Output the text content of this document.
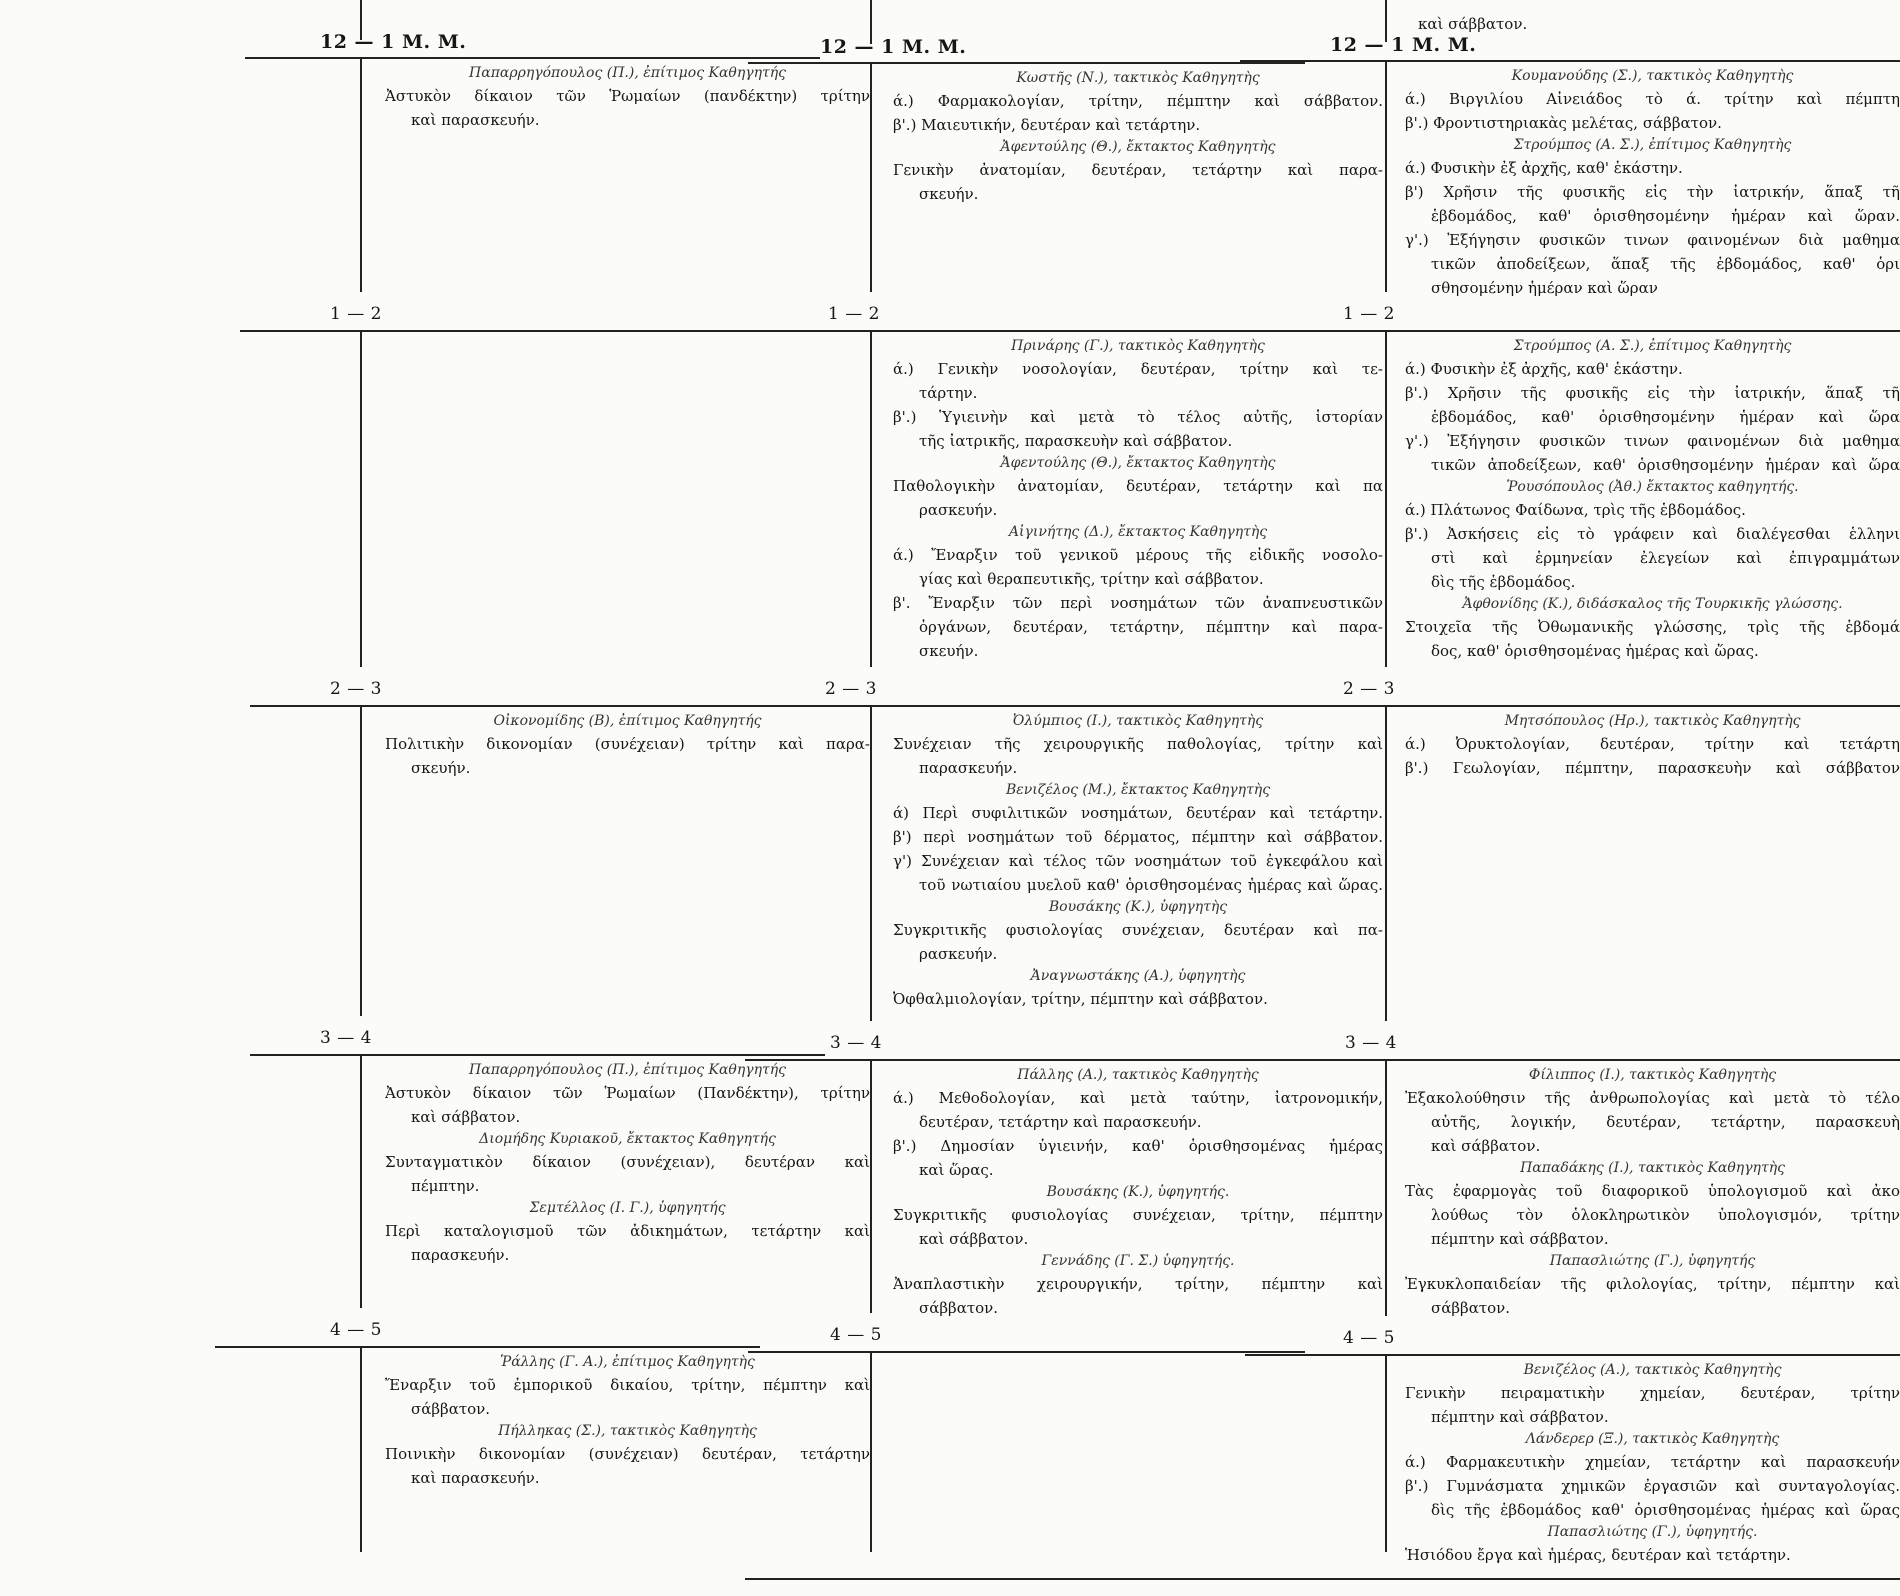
12 — 1 Μ. Μ.
Παπαρρηγόπουλος (Π.), ἐπίτιμος Καθηγητής
Ἀστυκὸν δίκαιον τῶν Ῥωμαίων (πανδέκτην) τρίτην
καὶ παρασκευήν.
1 — 2
2 — 3
Οἰκονομίδης (Β), ἐπίτιμος Καθηγητής
Πολιτικὴν δικονομίαν (συνέχειαν) τρίτην καὶ παρα-
σκευήν.
3 — 4
Παπαρρηγόπουλος (Π.), ἐπίτιμος Καθηγητής
Ἀστυκὸν δίκαιον τῶν Ῥωμαίων (Πανδέκτην), τρίτην
καὶ σάββατον.
Διομήδης Κυριακοῦ, ἔκτακτος Καθηγητής
Συνταγματικὸν δίκαιον (συνέχειαν), δευτέραν καὶ
πέμπτην.
Σεμτέλλος (Ι. Γ.), ὑφηγητής
Περὶ καταλογισμοῦ τῶν ἀδικημάτων, τετάρτην καὶ
παρασκευήν.
4 — 5
Ῥάλλης (Γ. Α.), ἐπίτιμος Καθηγητὴς
Ἔναρξιν τοῦ ἐμπορικοῦ δικαίου, τρίτην, πέμπτην καὶ
σάββατον.
Πήλληκας (Σ.), τακτικὸς Καθηγητὴς
Ποινικὴν δικονομίαν (συνέχειαν) δευτέραν, τετάρτην
καὶ παρασκευήν.
12 — 1 Μ. Μ.
Κωστῆς (Ν.), τακτικὸς Καθηγητὴς
ά.) Φαρμακολογίαν, τρίτην, πέμπτην καὶ σάββατον.
β'.) Μαιευτικήν, δευτέραν καὶ τετάρτην.
Ἀφεντούλης (Θ.), ἔκτακτος Καθηγητὴς
Γενικὴν ἀνατομίαν, δευτέραν, τετάρτην καὶ παρα-
σκευήν.
1 — 2
Πρινάρης (Γ.), τακτικὸς Καθηγητὴς
ά.) Γενικὴν νοσολογίαν, δευτέραν, τρίτην καὶ τε-
τάρτην.
β'.) Ὑγιεινὴν καὶ μετὰ τὸ τέλος αὐτῆς, ἱστορίαν
τῆς ἰατρικῆς, παρασκευὴν καὶ σάββατον.
Ἀφεντούλης (Θ.), ἔκτακτος Καθηγητὴς
Παθολογικὴν ἀνατομίαν, δευτέραν, τετάρτην καὶ πα
ρασκευήν.
Αἰγινήτης (Δ.), ἔκτακτος Καθηγητὴς
ά.) Ἔναρξιν τοῦ γενικοῦ μέρους τῆς εἰδικῆς νοσολο-
γίας καὶ θεραπευτικῆς, τρίτην καὶ σάββατον.
β'. Ἔναρξιν τῶν περὶ νοσημάτων τῶν ἀναπνευστικῶν
ὀργάνων, δευτέραν, τετάρτην, πέμπτην καὶ παρα-
σκευήν.
2 — 3
Ὀλύμπιος (Ι.), τακτικὸς Καθηγητὴς
Συνέχειαν τῆς χειρουργικῆς παθολογίας, τρίτην καὶ
παρασκευήν.
Βενιζέλος (Μ.), ἔκτακτος Καθηγητὴς
ά) Περὶ συφιλιτικῶν νοσημάτων, δευτέραν καὶ τετάρτην.
β') περὶ νοσημάτων τοῦ δέρματος, πέμπτην καὶ σάββατον.
γ') Συνέχειαν καὶ τέλος τῶν νοσημάτων τοῦ ἐγκεφάλου καὶ
τοῦ νωτιαίου μυελοῦ καθ' ὁρισθησομένας ἡμέρας καὶ ὥρας.
Βουσάκης (Κ.), ὑφηγητὴς
Συγκριτικῆς φυσιολογίας συνέχειαν, δευτέραν καὶ πα-
ρασκευήν.
Ἀναγνωστάκης (Α.), ὑφηγητὴς
Ὀφθαλμιολογίαν, τρίτην, πέμπτην καὶ σάββατον.
3 — 4
Πάλλης (Α.), τακτικὸς Καθηγητὴς
ά.) Μεθοδολογίαν, καὶ μετὰ ταύτην, ἰατρονομικήν,
δευτέραν, τετάρτην καὶ παρασκευήν.
β'.) Δημοσίαν ὑγιεινήν, καθ' ὁρισθησομένας ἡμέρας
καὶ ὥρας.
Βουσάκης (Κ.), ὑφηγητής.
Συγκριτικῆς φυσιολογίας συνέχειαν, τρίτην, πέμπτην
καὶ σάββατον.
Γεννάδης (Γ. Σ.) ὑφηγητής.
Ἀναπλαστικὴν χειρουργικήν, τρίτην, πέμπτην καὶ
σάββατον.
4 — 5
καὶ σάββατον.
12 — 1 Μ. Μ.
Κουμανούδης (Σ.), τακτικὸς Καθηγητὴς
ά.) Βιργιλίου Αἰνειάδος τὸ ά. τρίτην καὶ πέμπτη
β'.) Φροντιστηριακὰς μελέτας, σάββατον.
Στρούμπος (Α. Σ.), ἐπίτιμος Καθηγητὴς
ά.) Φυσικὴν ἐξ ἀρχῆς, καθ' ἑκάστην.
β') Χρῆσιν τῆς φυσικῆς εἰς τὴν ἰατρικήν, ἅπαξ τῆ
ἑβδομάδος, καθ' ὁρισθησομένην ἡμέραν καὶ ὥραν.
γ'.) Ἐξήγησιν φυσικῶν τινων φαινομένων διὰ μαθημα
τικῶν ἀποδείξεων, ἅπαξ τῆς ἑβδομάδος, καθ' ὁρι
σθησομένην ἡμέραν καὶ ὥραν
1 — 2
Στρούμπος (Α. Σ.), ἐπίτιμος Καθηγητὴς
ά.) Φυσικὴν ἐξ ἀρχῆς, καθ' ἑκάστην.
β'.) Χρῆσιν τῆς φυσικῆς εἰς τὴν ἰατρικήν, ἅπαξ τῆ
ἑβδομάδος, καθ' ὁρισθησομένην ἡμέραν καὶ ὥρα
γ'.) Ἐξήγησιν φυσικῶν τινων φαινομένων διὰ μαθημα
τικῶν ἀποδείξεων, καθ' ὁρισθησομένην ἡμέραν καὶ ὥρα
Ῥουσόπουλος (Ἀθ.) ἔκτακτος καθηγητής.
ά.) Πλάτωνος Φαίδωνα, τρὶς τῆς ἑβδομάδος.
β'.) Ἀσκήσεις εἰς τὸ γράφειν καὶ διαλέγεσθαι ἑλληνι
στὶ καὶ ἑρμηνείαν ἐλεγείων καὶ ἐπιγραμμάτων
δὶς τῆς ἑβδομάδος.
Ἀφθονίδης (Κ.), διδάσκαλος τῆς Τουρκικῆς γλώσσης.
Στοιχεῖα τῆς Ὀθωμανικῆς γλώσσης, τρὶς τῆς ἑβδομά
δος, καθ' ὁρισθησομένας ἡμέρας καὶ ὥρας.
2 — 3
Μητσόπουλος (Ηρ.), τακτικὸς Καθηγητὴς
ά.) Ὀρυκτολογίαν, δευτέραν, τρίτην καὶ τετάρτη
β'.) Γεωλογίαν, πέμπτην, παρασκευὴν καὶ σάββατον
3 — 4
Φίλιππος (Ι.), τακτικὸς Καθηγητὴς
Ἐξακολούθησιν τῆς ἀνθρωπολογίας καὶ μετὰ τὸ τέλο
αὐτῆς, λογικήν, δευτέραν, τετάρτην, παρασκευὴ
καὶ σάββατον.
Παπαδάκης (Ι.), τακτικὸς Καθηγητὴς
Τὰς ἐφαρμογὰς τοῦ διαφορικοῦ ὑπολογισμοῦ καὶ ἀκο
λούθως τὸν ὁλοκληρωτικὸν ὑπολογισμόν, τρίτην
πέμπτην καὶ σάββατον.
Παπασλιώτης (Γ.), ὑφηγητής
Ἐγκυκλοπαιδείαν τῆς φιλολογίας, τρίτην, πέμπτην καὶ
σάββατον.
4 — 5
Βενιζέλος (Α.), τακτικὸς Καθηγητὴς
Γενικὴν πειραματικὴν χημείαν, δευτέραν, τρίτην
πέμπτην καὶ σάββατον.
Λάνδερερ (Ξ.), τακτικὸς Καθηγητὴς
ά.) Φαρμακευτικὴν χημείαν, τετάρτην καὶ παρασκευήν
β'.) Γυμνάσματα χημικῶν ἐργασιῶν καὶ συνταγολογίας.
δὶς τῆς ἑβδομάδος καθ' ὁρισθησομένας ἡμέρας καὶ ὥρας
Παπασλιώτης (Γ.), ὑφηγητής.
Ἡσιόδου ἔργα καὶ ἡμέρας, δευτέραν καὶ τετάρτην.
